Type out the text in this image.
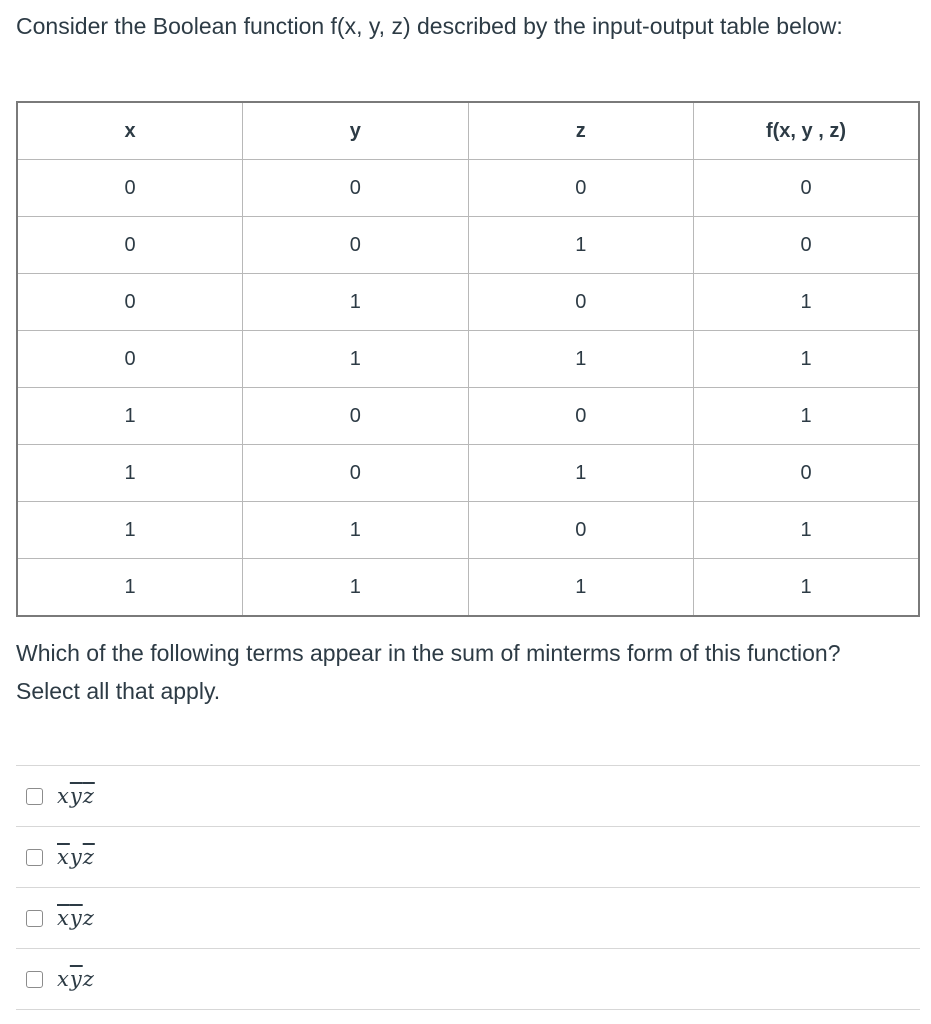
Consider the Boolean function f(x, y, z) described by the input-output table below:

x	y	z	f(x, y , z)
0	0	0	0
0	0	1	0
0	1	0	1
0	1	1	1
1	0	0	1
1	0	1	0
1	1	0	1
1	1	1	1

Which of the following terms appear in the sum of minterms form of this function? Select all that apply.

$x\overline{y}\overline{z}$
$\overline{x}y\overline{z}$
$\overline{x}\overline{y}z$
$x\overline{y}z$
